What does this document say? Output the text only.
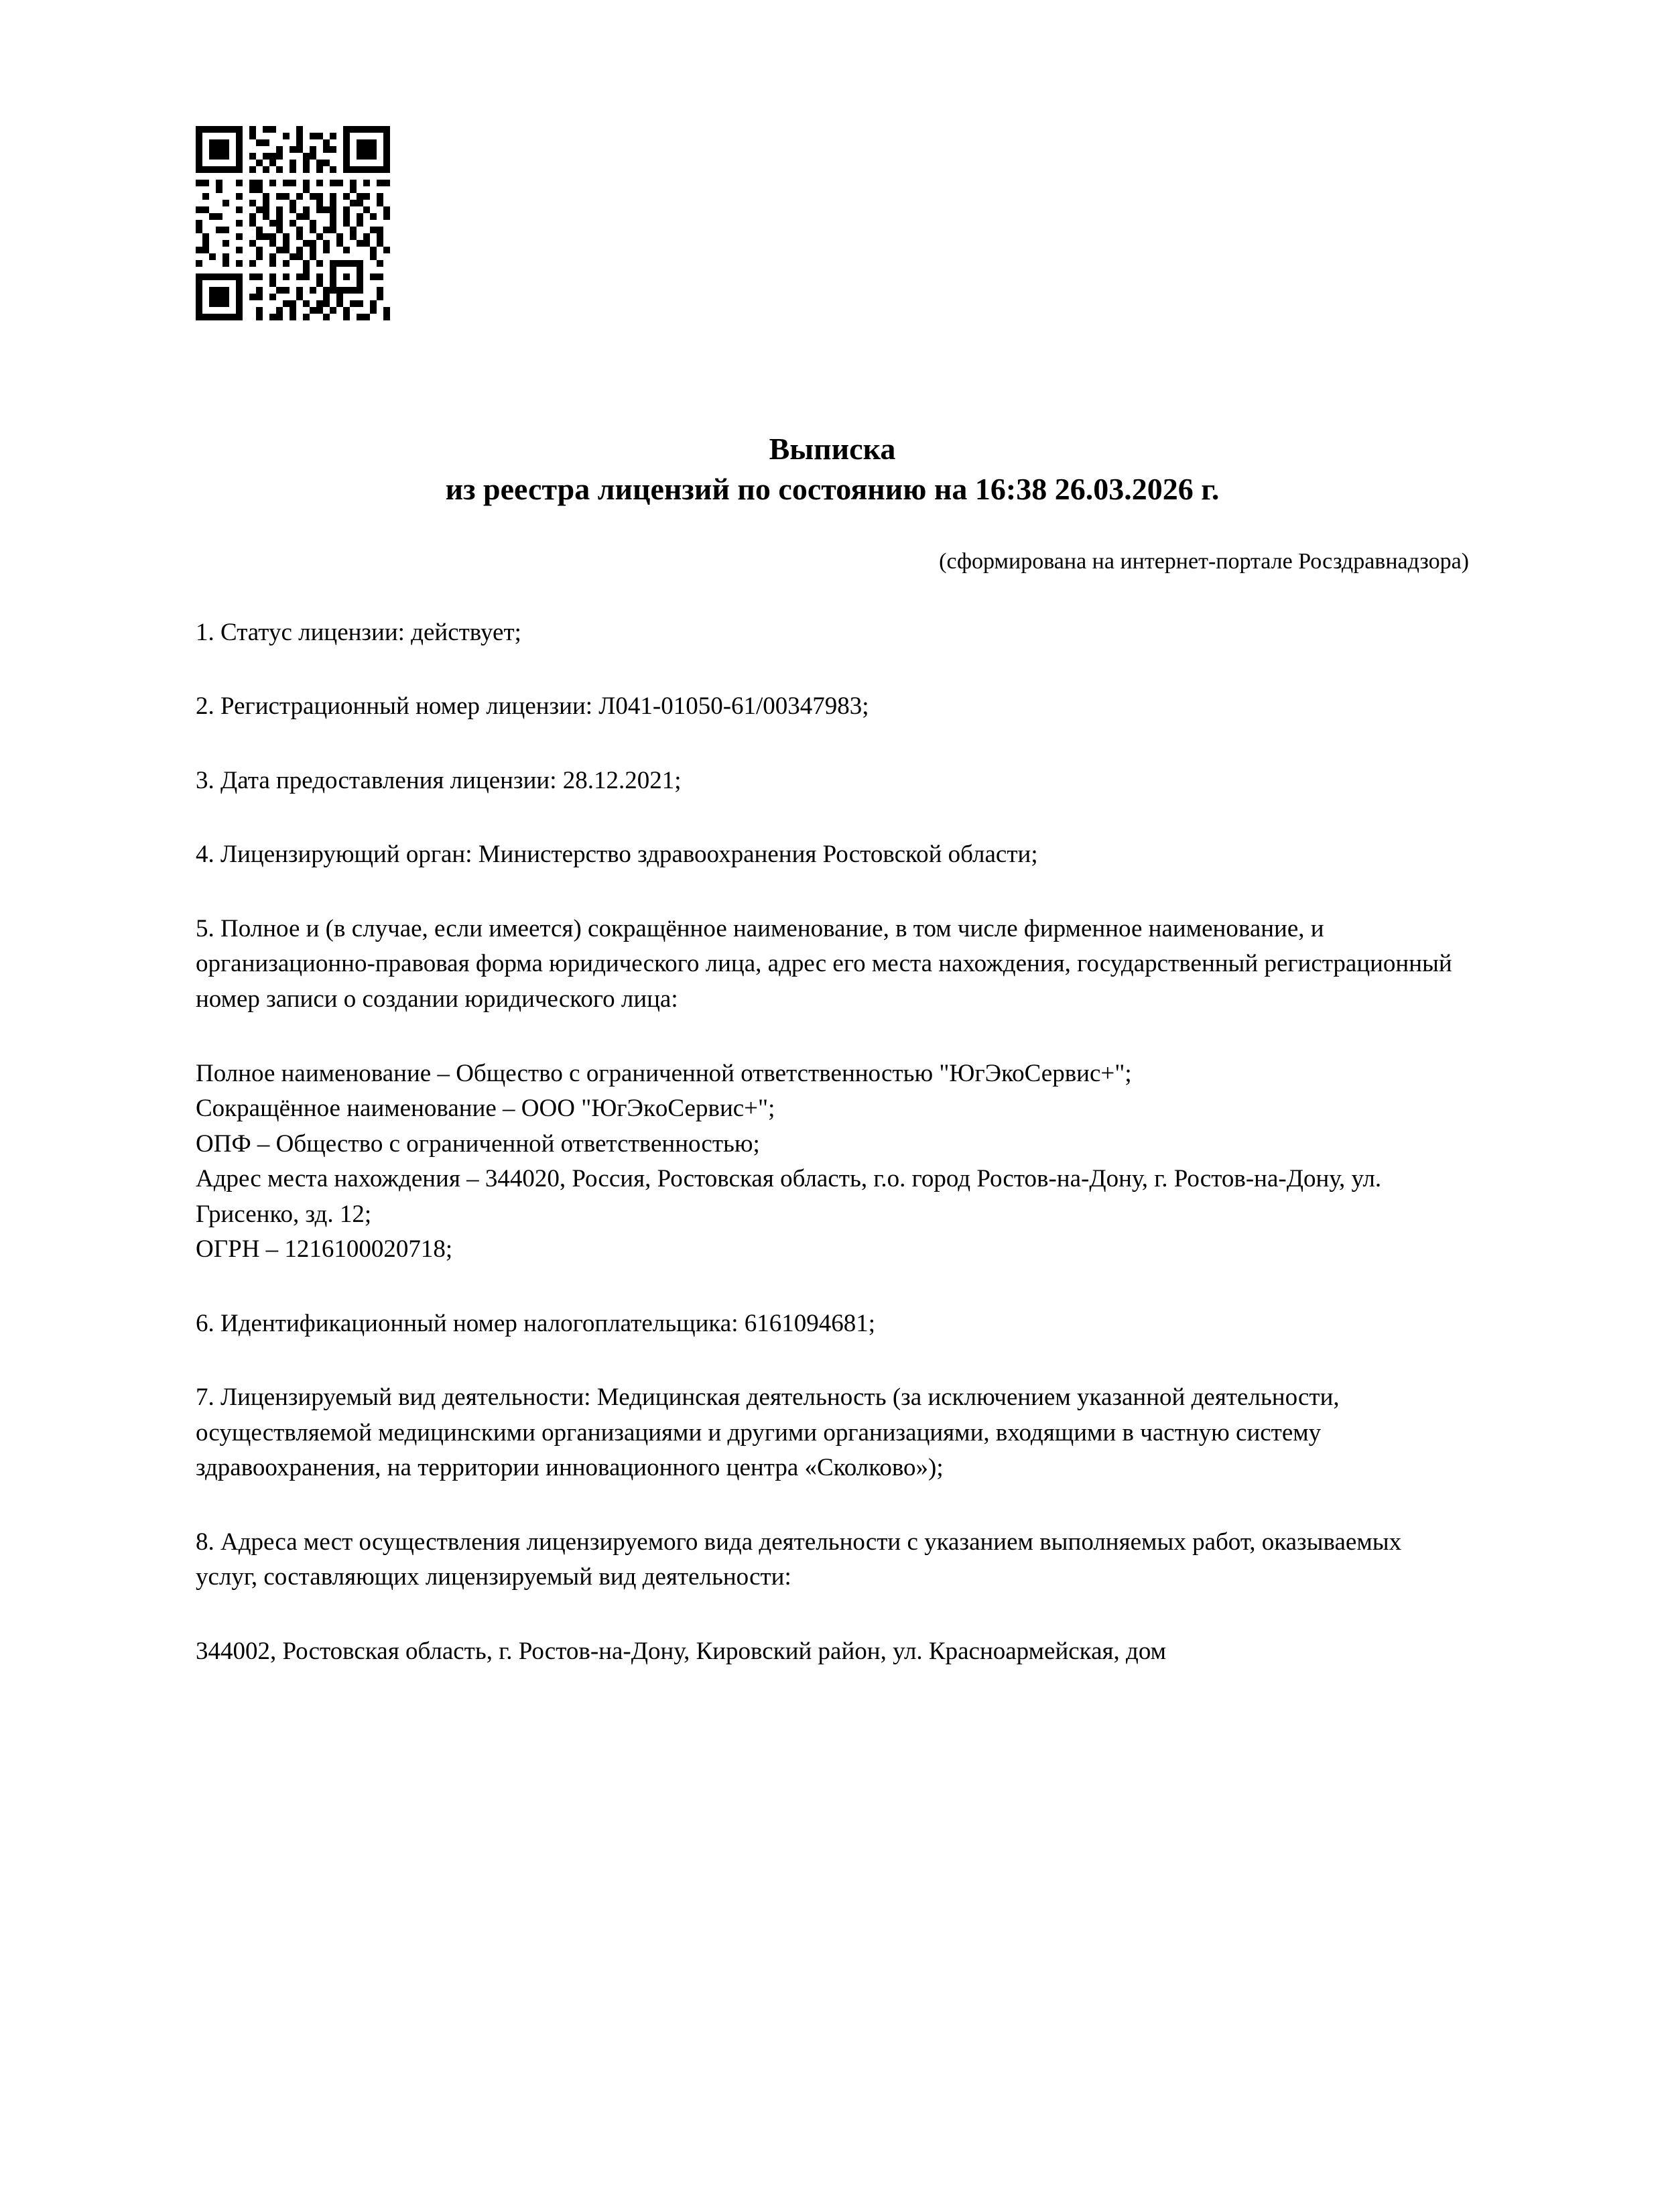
Выписка
из реестра лицензий по состоянию на 16:38 26.03.2026 г.
(сформирована на интернет-портале Росздравнадзора)

1. Статус лицензии: действует;

2. Регистрационный номер лицензии: Л041-01050-61/00347983;

3. Дата предоставления лицензии: 28.12.2021;

4. Лицензирующий орган: Министерство здравоохранения Ростовской области;

5. Полное и (в случае, если имеется) сокращённое наименование, в том числе фирменное наименование, и организационно-правовая форма юридического лица, адрес его места нахождения, государственный регистрационный номер записи о создании юридического лица:

Полное наименование – Общество с ограниченной ответственностью "ЮгЭкоСервис+";
Сокращённое наименование – ООО "ЮгЭкoСервис+";
ОПФ – Общество с ограниченной ответственностью;
Адрес места нахождения – 344020, Россия, Ростовская область, г.о. город Ростов-на-Дону, г. Ростов-на-Дону, ул. Грисенко, зд. 12;
ОГРН – 1216100020718;

6. Идентификационный номер налогоплательщика: 6161094681;

7. Лицензируемый вид деятельности: Медицинская деятельность (за исключением указанной деятельности, осуществляемой медицинскими организациями и другими организациями, входящими в частную систему здравоохранения, на территории инновационного центра «Сколково»);

8. Адреса мест осуществления лицензируемого вида деятельности с указанием выполняемых работ, оказываемых услуг, составляющих лицензируемый вид деятельности:

344002, Ростовская область, г. Ростов-на-Дону, Кировский район, ул. Красноармейская, дом
